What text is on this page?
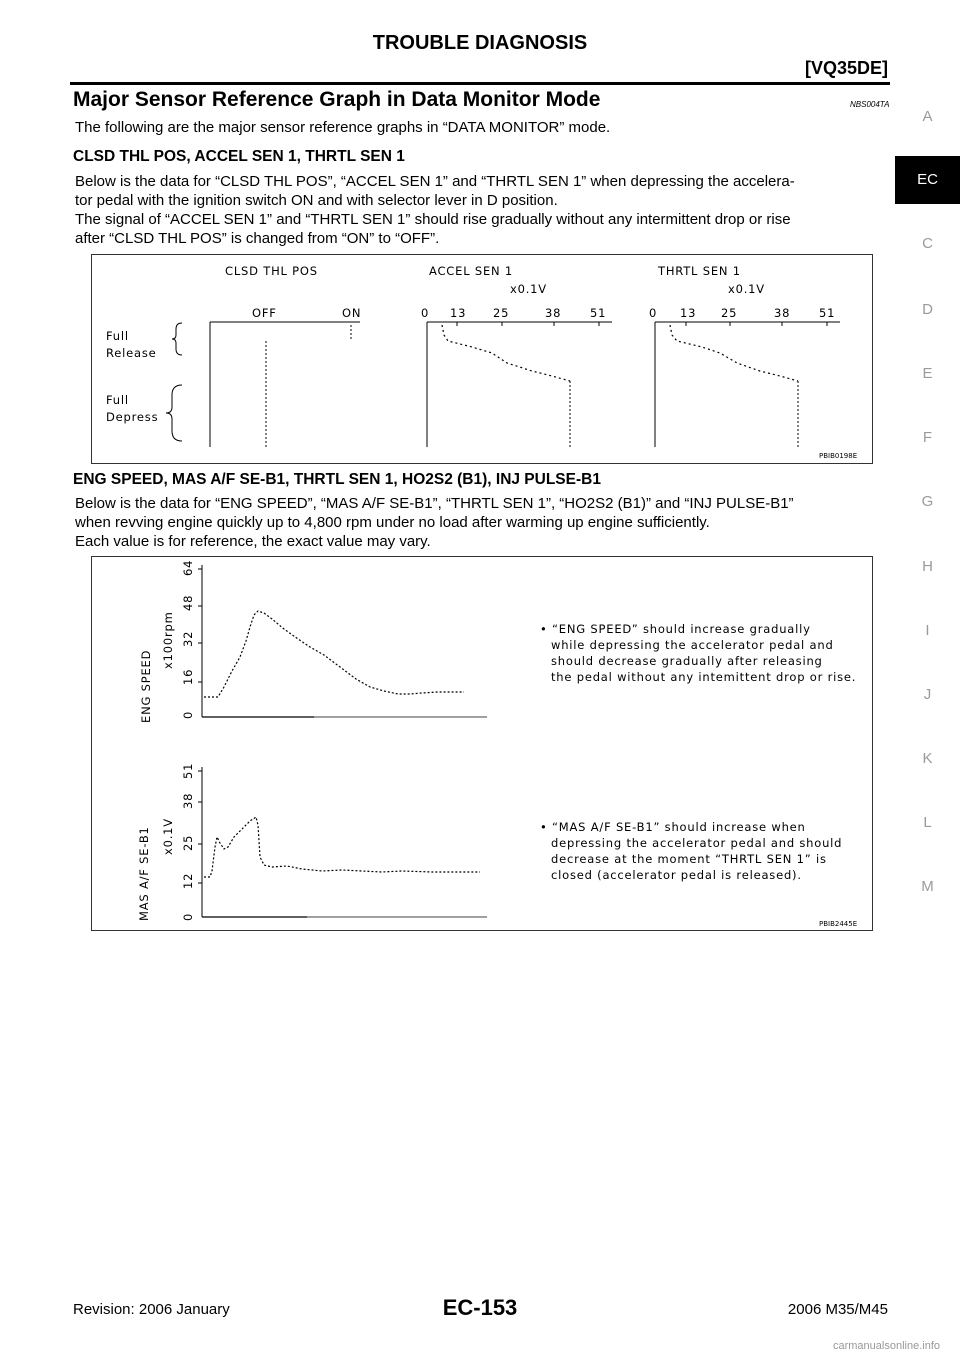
TROUBLE DIAGNOSIS
[VQ35DE]
Major Sensor Reference Graph in Data Monitor Mode	NBS004TA
The following are the major sensor reference graphs in “DATA MONITOR” mode.
CLSD THL POS, ACCEL SEN 1, THRTL SEN 1
Below is the data for “CLSD THL POS”, “ACCEL SEN 1” and “THRTL SEN 1” when depressing the accelera-
tor pedal with the ignition switch ON and with selector lever in D position.
The signal of “ACCEL SEN 1” and “THRTL SEN 1” should rise gradually without any intermittent drop or rise
after “CLSD THL POS” is changed from “ON” to “OFF”.
CLSD THL POS	ACCEL SEN 1	THRTL SEN 1
x0.1V	x0.1V
OFF	ON	0 13 25	38	51	0 13 25	38	51
Full
Release
Full
Depress
PBIB0198E
ENG SPEED, MAS A/F SE-B1, THRTL SEN 1, HO2S2 (B1), INJ PULSE-B1
Below is the data for “ENG SPEED”, “MAS A/F SE-B1”, “THRTL SEN 1”, “HO2S2 (B1)” and “INJ PULSE-B1”
when revving engine quickly up to 4,800 rpm under no load after warming up engine sufficiently.
Each value is for reference, the exact value may vary.
ENG SPEED
x100rpm
0
16
32
48
64
MAS A/F SE-B1 x0.1V
0
12
25
38
51
• “ENG SPEED” should increase gradually
while depressing the accelerator pedal and
should decrease gradually after releasing
the pedal without any intemittent drop or rise.
• “MAS A/F SE-B1” should increase when
depressing the accelerator pedal and should
decrease at the moment “THRTL SEN 1” is
closed (accelerator pedal is released).
PBIB2445E
A
EC
C
D
E
F
G
H
I
J
K
L
M
Revision: 2006 January	EC-153	2006 M35/M45
carmanualsonline.info
